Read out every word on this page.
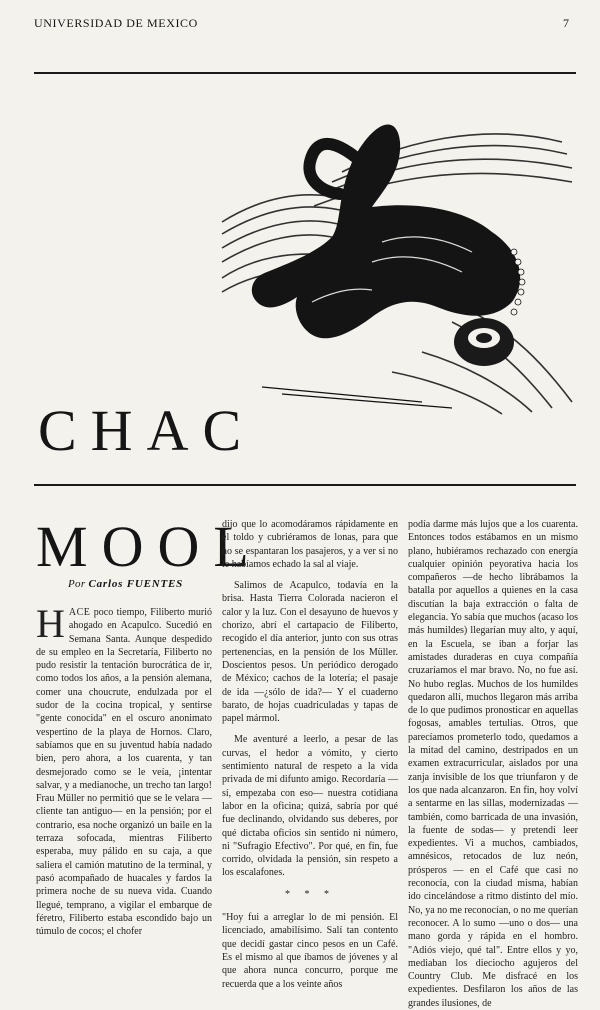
UNIVERSIDAD DE MEXICO	7
CHAC
MOOL
Por Carlos FUENTES
H ACE poco tiempo, Filiberto murió ahogado en Acapulco. Sucedió en Semana Santa. Aunque despedido de su empleo en la Secretaría, Filiberto no pudo resistir la tentación burocrática de ir, como todos los años, a la pensión alemana, comer una choucrute, endulzada por el sudor de la cocina tropical, y sentirse "gente conocida" en el oscuro anonimato vespertino de la playa de Hornos. Claro, sabíamos que en su juventud había nadado bien, pero ahora, a los cuarenta, y tan desmejorado como se le veía, ¡intentar salvar, y a medianoche, un trecho tan largo! Frau Müller no permitió que se le velara —cliente tan antiguo— en la pensión; por el contrario, esa noche organizó un baile en la terraza sofocada, mientras Filiberto esperaba, muy pálido en su caja, a que saliera el camión matutino de la terminal, y pasó acompañado de huacales y fardos la primera noche de su nueva vida. Cuando llegué, temprano, a vigilar el embarque de féretro, Filiberto estaba escondido bajo un túmulo de cocos; el chofer
dijo que lo acomodáramos rápidamente en el toldo y cubriéramos de lonas, para que no se espantaran los pasajeros, y a ver si no le habíamos echado la sal al viaje.
Salimos de Acapulco, todavía en la brisa. Hasta Tierra Colorada nacieron el calor y la luz. Con el desayuno de huevos y chorizo, abrí el cartapacio de Filiberto, recogido el día anterior, junto con sus otras pertenencias, en la pensión de los Müller. Doscientos pesos. Un periódico derogado de México; cachos de la lotería; el pasaje de ida —¿sólo de ida?— Y el cuaderno barato, de hojas cuadriculadas y tapas de papel mármol.
Me aventuré a leerlo, a pesar de las curvas, el hedor a vómito, y cierto sentimiento natural de respeto a la vida privada de mi difunto amigo. Recordaría —sí, empezaba con eso— nuestra cotidiana labor en la oficina; quizá, sabría por qué fue declinando, olvidando sus deberes, por qué dictaba oficios sin sentido ni número, ni "Sufragio Efectivo". Por qué, en fin, fue corrido, olvidada la pensión, sin respeto a los escalafones.
* * *
"Hoy fui a arreglar lo de mi pensión. El licenciado, amabilísimo. Salí tan contento que decidí gastar cinco pesos en un Café. Es el mismo al que íbamos de jóvenes y al que ahora nunca concurro, porque me recuerda que a los veinte años
podía darme más lujos que a los cuarenta. Entonces todos estábamos en un mismo plano, hubiéramos rechazado con energía cualquier opinión peyorativa hacia los compañeros —de hecho librábamos la batalla por aquellos a quienes en la casa discutían la baja extracción o falta de elegancia. Yo sabía que muchos (acaso los más humildes) llegarían muy alto, y aquí, en la Escuela, se iban a forjar las amistades duraderas en cuya compañía cruzaríamos el mar bravo. No, no fue así. No hubo reglas. Muchos de los humildes quedaron allí, muchos llegaron más arriba de lo que pudimos pronosticar en aquellas fogosas, amables tertulias. Otros, que parecíamos prometerlo todo, quedamos a la mitad del camino, destripados en un examen extracurricular, aislados por una zanja invisible de los que triunfaron y de los que nada alcanzaron. En fin, hoy volví a sentarme en las sillas, modernizadas —también, como barricada de una invasión, la fuente de sodas— y pretendí leer expedientes. Vi a muchos, cambiados, amnésicos, retocados de luz neón, prósperos — en el Café que casi no reconocía, con la ciudad misma, habían ido cincelándose a ritmo distinto del mío. No, ya no me reconocían, o no me querían reconocer. A lo sumo —uno o dos— una mano gorda y rápida en el hombro. "Adiós viejo, qué tal". Entre ellos y yo, mediaban los dieciocho agujeros del Country Club. Me disfracé en los expedientes. Desfilaron los años de las grandes ilusiones, de
